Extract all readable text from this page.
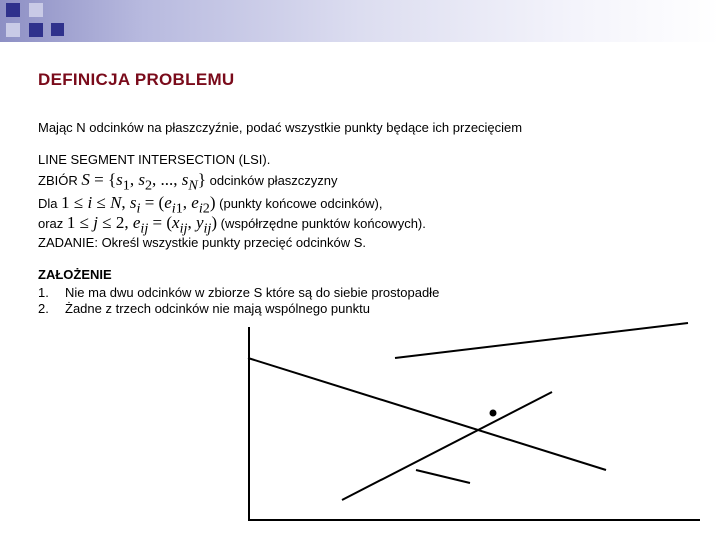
DEFINICJA PROBLEMU
Mając N odcinków na płaszczyźnie, podać wszystkie punkty będące ich przecięciem
LINE SEGMENT INTERSECTION (LSI).
ZBIÓR $S = \{s_1$, $s_2$, ..., $s_N$} odcinków płaszczyzny
Dla 1 ≤ i ≤ N, $s_i = (e_{i1}$, $e_{i2}$) (punkty końcowe odcinków),
oraz 1 ≤ j ≤ 2, $e_{ij} = (x_{ij}$, $y_{ij}$) (współrzędne punktów końcowych).
ZADANIE: Określ wszystkie punkty przecięć odcinków S.
ZAŁOŻENIE
1. Nie ma dwu odcinków w zbiorze S które są do siebie prostopadłe
2. Żadne z trzech odcinków nie mają wspólnego punktu
